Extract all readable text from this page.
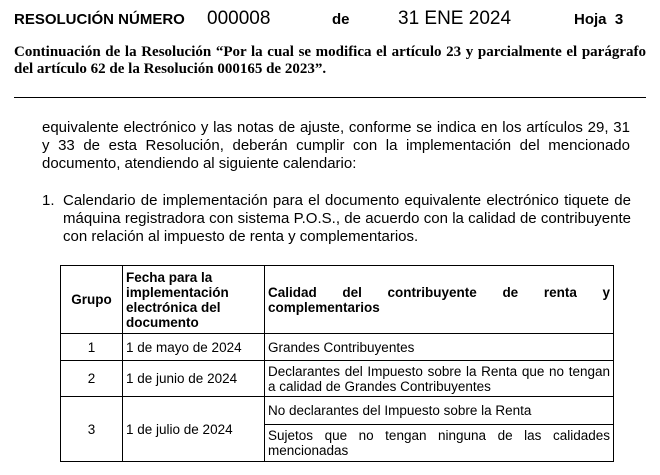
RESOLUCIÓN NÚMERO 000008	de	31 ENE 2024	Hoja 3
Continuación de la Resolución “Por la cual se modifica el artículo 23 y parcialmente el parágrafo del artículo 62 de la Resolución 000165 de 2023”.
equivalente electrónico y las notas de ajuste, conforme se indica en los artículos 29, 31 y 33 de esta Resolución, deberán cumplir con la implementación del mencionado documento, atendiendo al siguiente calendario:
1. Calendario de implementación para el documento equivalente electrónico tiquete de máquina registradora con sistema P.O.S., de acuerdo con la calidad de contribuyente con relación al impuesto de renta y complementarios.
Grupo	Fecha para la implementación electrónica del documento	Calidad del contribuyente de renta y complementarios
1	1 de mayo de 2024	Grandes Contribuyentes
2	1 de junio de 2024	Declarantes del Impuesto sobre la Renta que no tengan a calidad de Grandes Contribuyentes
3	1 de julio de 2024	No declarantes del Impuesto sobre la Renta
		Sujetos que no tengan ninguna de las calidades mencionadas
